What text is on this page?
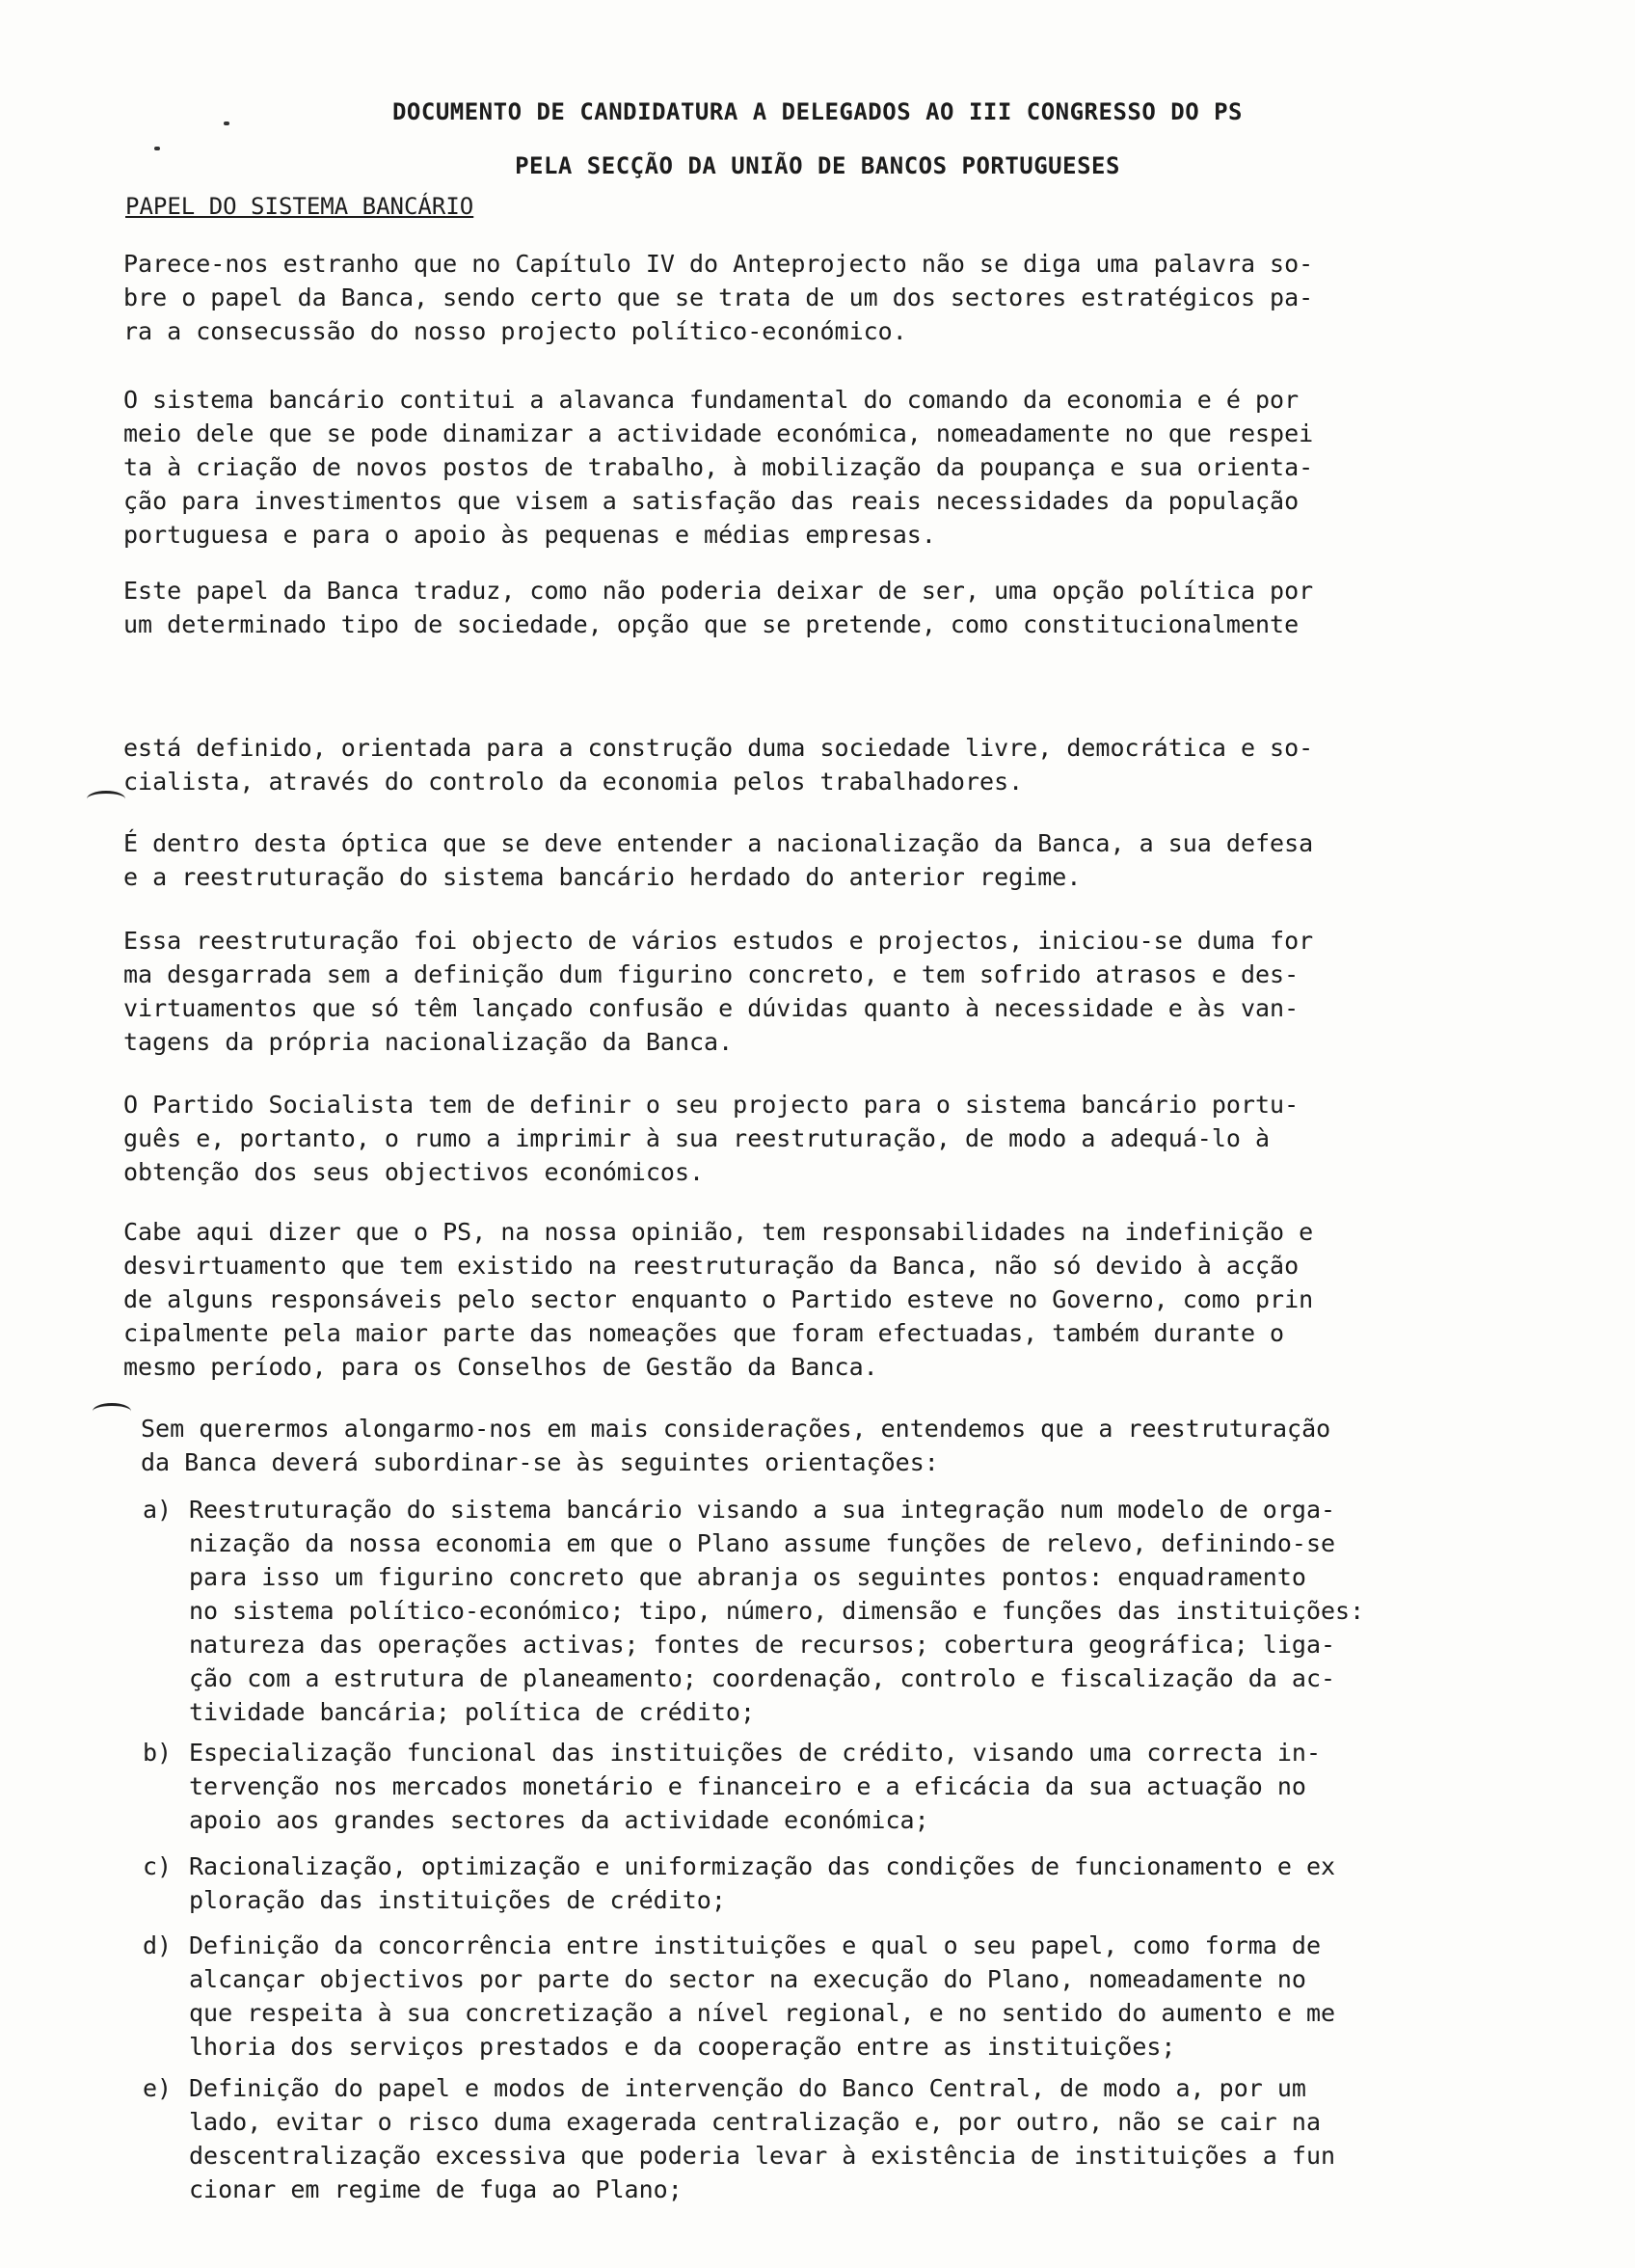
DOCUMENTO DE CANDIDATURA A DELEGADOS AO III CONGRESSO DO PS
PELA SECÇÃO DA UNIÃO DE BANCOS PORTUGUESES
PAPEL DO SISTEMA BANCÁRIO

Parece-nos estranho que no Capítulo IV do Anteprojecto não se diga uma palavra so-
bre o papel da Banca, sendo certo que se trata de um dos sectores estratégicos pa-
ra a consecussão do nosso projecto político-económico.

O sistema bancário contitui a alavanca fundamental do comando da economia e é por
meio dele que se pode dinamizar a actividade económica, nomeadamente no que respei
ta à criação de novos postos de trabalho, à mobilização da poupança e sua orienta-
ção para investimentos que visem a satisfação das reais necessidades da população
portuguesa e para o apoio às pequenas e médias empresas.

Este papel da Banca traduz, como não poderia deixar de ser, uma opção política por
um determinado tipo de sociedade, opção que se pretende, como constitucionalmente

está definido, orientada para a construção duma sociedade livre, democrática e so-
cialista, através do controlo da economia pelos trabalhadores.

É dentro desta óptica que se deve entender a nacionalização da Banca, a sua defesa
e a reestruturação do sistema bancário herdado do anterior regime.

Essa reestruturação foi objecto de vários estudos e projectos, iniciou-se duma for
ma desgarrada sem a definição dum figurino concreto, e tem sofrido atrasos e des-
virtuamentos que só têm lançado confusão e dúvidas quanto à necessidade e às van-
tagens da própria nacionalização da Banca.

O Partido Socialista tem de definir o seu projecto para o sistema bancário portu-
guês e, portanto, o rumo a imprimir à sua reestruturação, de modo a adequá-lo à
obtenção dos seus objectivos económicos.

Cabe aqui dizer que o PS, na nossa opinião, tem responsabilidades na indefinição e
desvirtuamento que tem existido na reestruturação da Banca, não só devido à acção
de alguns responsáveis pelo sector enquanto o Partido esteve no Governo, como prin
cipalmente pela maior parte das nomeações que foram efectuadas, também durante o
mesmo período, para os Conselhos de Gestão da Banca.

Sem querermos alongarmo-nos em mais considerações, entendemos que a reestruturação
da Banca deverá subordinar-se às seguintes orientações:

a) Reestruturação do sistema bancário visando a sua integração num modelo de orga-
nização da nossa economia em que o Plano assume funções de relevo, definindo-se
para isso um figurino concreto que abranja os seguintes pontos: enquadramento
no sistema político-económico; tipo, número, dimensão e funções das instituições:
natureza das operações activas; fontes de recursos; cobertura geográfica; liga-
ção com a estrutura de planeamento; coordenação, controlo e fiscalização da ac-
tividade bancária; política de crédito;
b) Especialização funcional das instituições de crédito, visando uma correcta in-
tervenção nos mercados monetário e financeiro e a eficácia da sua actuação no
apoio aos grandes sectores da actividade económica;
c) Racionalização, optimização e uniformização das condições de funcionamento e ex
ploração das instituições de crédito;
d) Definição da concorrência entre instituições e qual o seu papel, como forma de
alcançar objectivos por parte do sector na execução do Plano, nomeadamente no
que respeita à sua concretização a nível regional, e no sentido do aumento e me
lhoria dos serviços prestados e da cooperação entre as instituições;
e) Definição do papel e modos de intervenção do Banco Central, de modo a, por um
lado, evitar o risco duma exagerada centralização e, por outro, não se cair na
descentralização excessiva que poderia levar à existência de instituições a fun
cionar em regime de fuga ao Plano;
